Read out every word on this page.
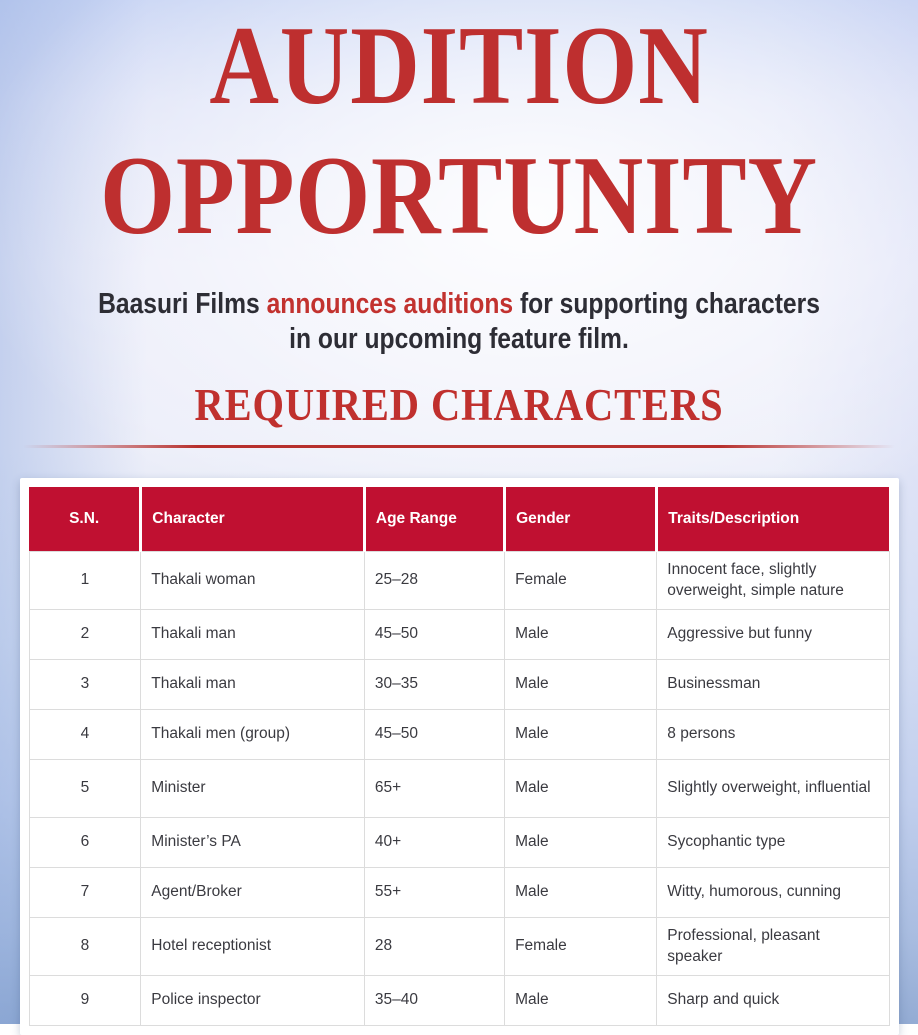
AUDITION
OPPORTUNITY

Baasuri Films announces auditions for supporting characters
in our upcoming feature film.

REQUIRED CHARACTERS
S.N.	Character	Age Range	Gender	Traits/Description
1	Thakali woman	25–28	Female	Innocent face, slightly overweight, simple nature
2	Thakali man	45–50	Male	Aggressive but funny
3	Thakali man	30–35	Male	Businessman
4	Thakali men (group)	45–50	Male	8 persons
5	Minister	65+	Male	Slightly overweight, influential
6	Minister’s PA	40+	Male	Sycophantic type
7	Agent/Broker	55+	Male	Witty, humorous, cunning
8	Hotel receptionist	28	Female	Professional, pleasant speaker
9	Police inspector	35–40	Male	Sharp and quick
